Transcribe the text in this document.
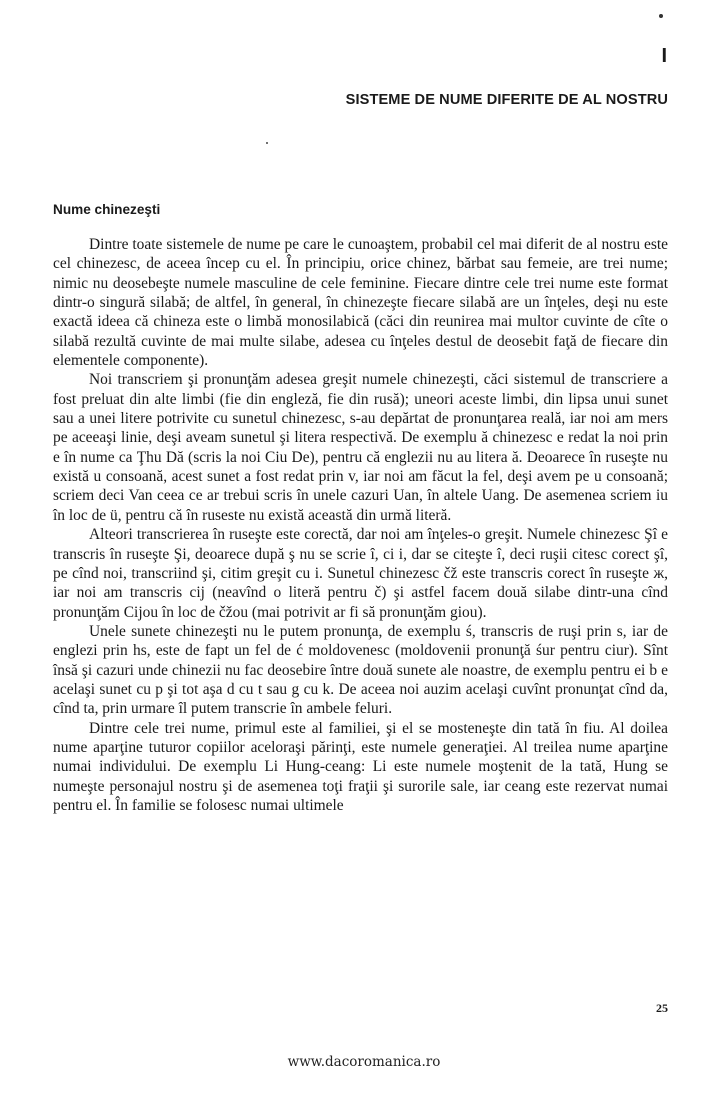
I
SISTEME DE NUME DIFERITE DE AL NOSTRU
Nume chinezeşti

Dintre toate sistemele de nume pe care le cunoaştem, probabil cel mai diferit de al nostru este cel chinezesc, de aceea încep cu el. În principiu, orice chinez, bărbat sau femeie, are trei nume; nimic nu deosebeşte numele masculine de cele feminine. Fiecare dintre cele trei nume este format dintr-o singură silabă; de altfel, în general, în chinezeşte fiecare silabă are un înţeles, deşi nu este exactă ideea că chineza este o limbă monosilabică (căci din reunirea mai multor cuvinte de cîte o silabă rezultă cuvinte de mai multe silabe, adesea cu înţeles destul de deosebit faţă de fiecare din elementele componente).

Noi transcriem şi pronunţăm adesea greşit numele chinezeşti, căci sistemul de transcriere a fost preluat din alte limbi (fie din engleză, fie din rusă); uneori aceste limbi, din lipsa unui sunet sau a unei litere potrivite cu sunetul chinezesc, s-au depărtat de pronunţarea reală, iar noi am mers pe aceeaşi linie, deşi aveam sunetul şi litera respectivă. De exemplu ă chinezesc e redat la noi prin e în nume ca Ţhu Dă (scris la noi Ciu De), pentru că englezii nu au litera ă. Deoarece în ruseşte nu există u consoană, acest sunet a fost redat prin v, iar noi am făcut la fel, deşi avem pe u consoană; scriem deci Van ceea ce ar trebui scris în unele cazuri Uan, în altele Uang. De asemenea scriem iu în loc de ü, pentru că în ruseste nu există această din urmă literă.

Alteori transcrierea în ruseşte este corectă, dar noi am înţeles-o greşit. Numele chinezesc Şî e transcris în ruseşte Şi, deoarece după ş nu se scrie î, ci i, dar se citeşte î, deci ruşii citesc corect şî, pe cînd noi, transcriind şi, citim greşit cu i. Sunetul chinezesc čž este transcris corect în ruseşte ж, iar noi am transcris cij (neavînd o literă pentru č) şi astfel facem două silabe dintr-una cînd pronunţăm Cijou în loc de čžou (mai potrivit ar fi să pronunţăm giou).

Unele sunete chinezeşti nu le putem pronunţa, de exemplu ś, transcris de ruşi prin s, iar de englezi prin hs, este de fapt un fel de ć moldovenesc (moldovenii pronunţă śur pentru ciur). Sînt însă şi cazuri unde chinezii nu fac deosebire între două sunete ale noastre, de exemplu pentru ei b e acelaşi sunet cu p şi tot aşa d cu t sau g cu k. De aceea noi auzim acelaşi cuvînt pronunţat cînd da, cînd ta, prin urmare îl putem transcrie în ambele feluri.

Dintre cele trei nume, primul este al familiei, şi el se mosteneşte din tată în fiu. Al doilea nume aparţine tuturor copiilor aceloraşi părinţi, este numele generaţiei. Al treilea nume aparţine numai individului. De exemplu Li Hung-ceang: Li este numele moştenit de la tată, Hung se numeşte personajul nostru şi de asemenea toţi fraţii şi surorile sale, iar ceang este rezervat numai pentru el. În familie se folosesc numai ultimele

25
www.dacoromanica.ro
